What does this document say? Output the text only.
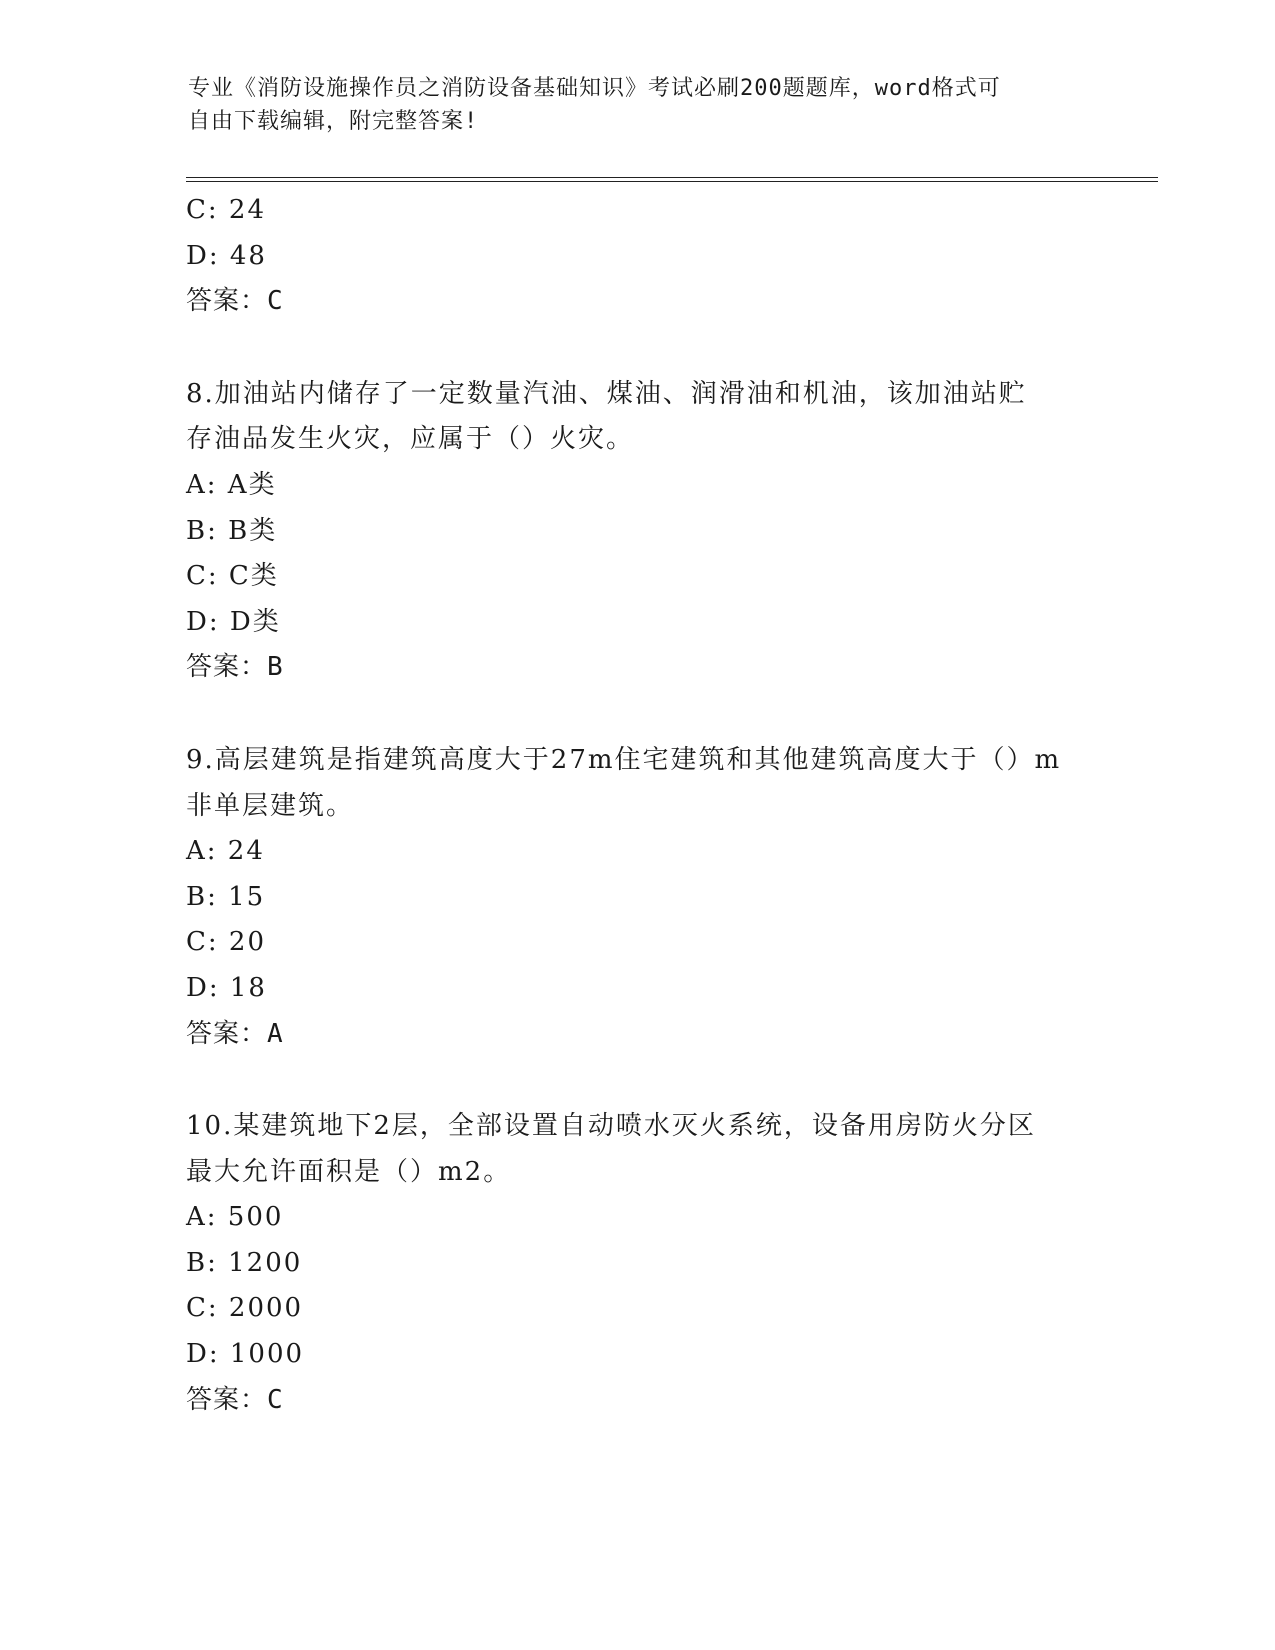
专业《消防设施操作员之消防设备基础知识》考试必刷200题题库，word格式可
自由下载编辑，附完整答案!
C: 24
D: 48
答案：C
8.加油站内储存了一定数量汽油、煤油、润滑油和机油，该加油站贮
存油品发生火灾，应属于（）火灾。
A: A类
B: B类
C: C类
D: D类
答案：B
9.高层建筑是指建筑高度大于27m住宅建筑和其他建筑高度大于（）m
非单层建筑。
A: 24
B: 15
C: 20
D: 18
答案：A
10.某建筑地下2层，全部设置自动喷水灭火系统，设备用房防火分区
最大允许面积是（）m2。
A: 500
B: 1200
C: 2000
D: 1000
答案：C
